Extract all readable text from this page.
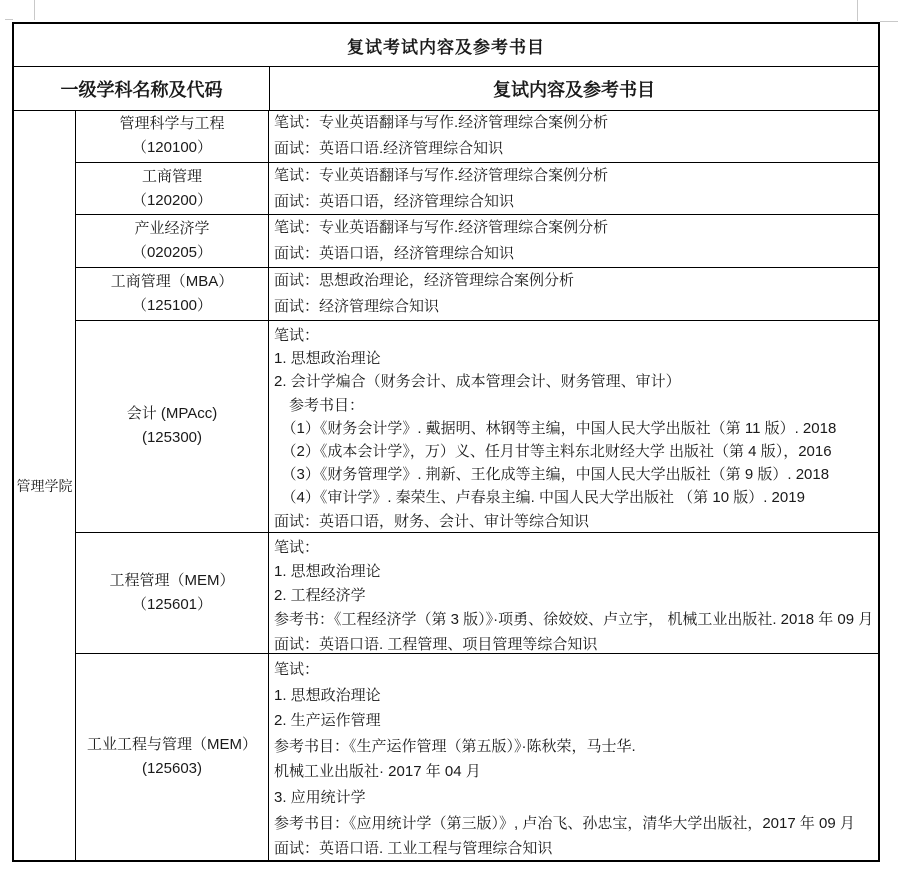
复试考试内容及参考书目
一级学科名称及代码	复试内容及参考书目
管理学院
管理科学与工程
（120100）
笔试：专业英语翻译与写作.经济管理综合案例分析
面试：英语口语.经济管理综合知识
工商管理
（120200）
笔试：专业英语翻译与写作.经济管理综合案例分析
面试：英语口语，经济管理综合知识
产业经济学
（020205）
笔试：专业英语翻译与写作.经济管理综合案例分析
面试：英语口语，经济管理综合知识
工商管理（MBA）
（125100）
面试：思想政治理论，经济管理综合案例分析
面试：经济管理综合知识
会计 (MPAcc)
(125300)
笔试：
1. 思想政治理论
2. 会计学煸合（财务会计、成本管理会计、财务管理、审计）
　参考书目：
　（1）《财务会计学》. 戴据明、林钢等主编，中国人民大学出版社（第 11 版）. 2018
　（2）《成本会计学》，万）义、任月甘等主料东北财经大学 出版社（第 4 版），2016
　（3）《财务管理学》. 荆新、王化成等主编，中国人民大学出版社（第 9 版）. 2018
　（4）《审计学》. 秦荣生、卢春泉主编. 中国人民大学出版社 （第 10 版）. 2019
面试：英语口语，财务、会计、审计等综合知识
工程管理（MEM）
（125601）
笔试：
1. 思想政治理论
2. 工程经济学
参考书：《工程经济学（第 3 版）》·项勇、徐姣姣、卢立宇， 机械工业出版社. 2018 年 09 月
面试：英语口语. 工程管理、项目管理等综合知识
工业工程与管理（MEM）
(125603)
笔试：
1. 思想政治理论
2. 生产运作管理
参考书目：《生产运作管理（第五版）》·陈秋荣，马士华.
机械工业出版社· 2017 年 04 月
3. 应用统计学
参考书目：《应用统计学（第三版）》, 卢冶飞、孙忠宝，清华大学出版社，2017 年 09 月
面试：英语口语. 工业工程与管理综合知识
